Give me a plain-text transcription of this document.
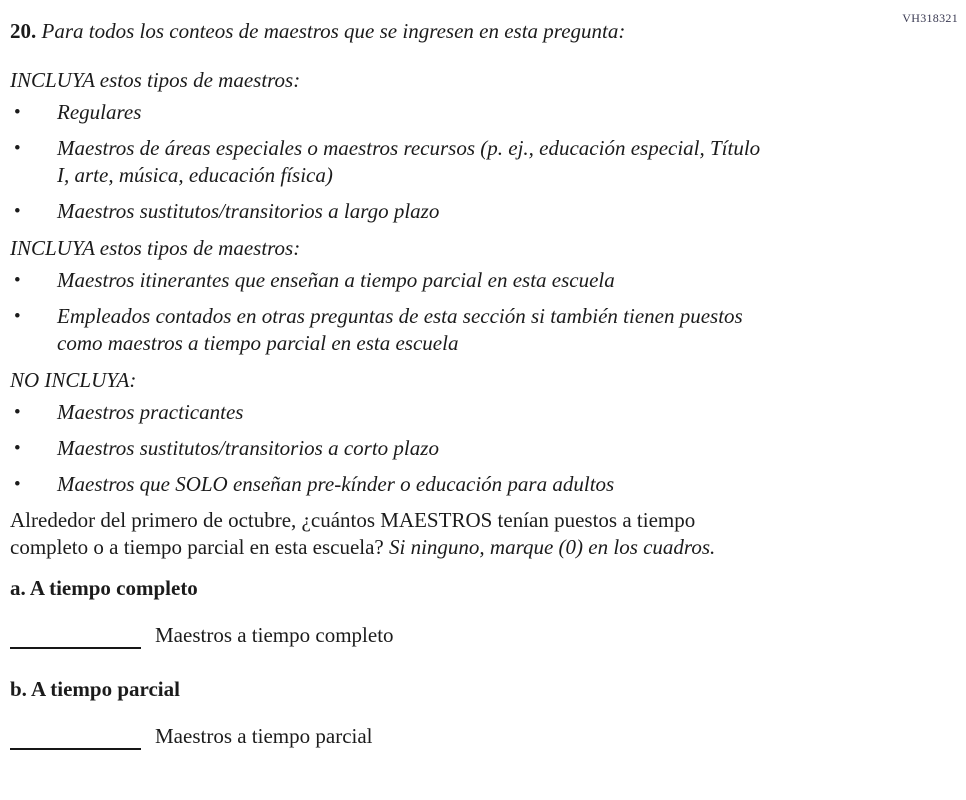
VH318321

20. Para todos los conteos de maestros que se ingresen en esta pregunta:

INCLUYA estos tipos de maestros:

•	Regulares
•	Maestros de áreas especiales o maestros recursos (p. ej., educación especial, Título I, arte, música, educación física)
•	Maestros sustitutos/transitorios a largo plazo

INCLUYA estos tipos de maestros:

•	Maestros itinerantes que enseñan a tiempo parcial en esta escuela
•	Empleados contados en otras preguntas de esta sección si también tienen puestos como maestros a tiempo parcial en esta escuela

NO INCLUYA:

•	Maestros practicantes
•	Maestros sustitutos/transitorios a corto plazo
•	Maestros que SOLO enseñan pre-kínder o educación para adultos

Alrededor del primero de octubre, ¿cuántos MAESTROS tenían puestos a tiempo completo o a tiempo parcial en esta escuela? Si ninguno, marque (0) en los cuadros.

a. A tiempo completo

Maestros a tiempo completo

b. A tiempo parcial

Maestros a tiempo parcial
